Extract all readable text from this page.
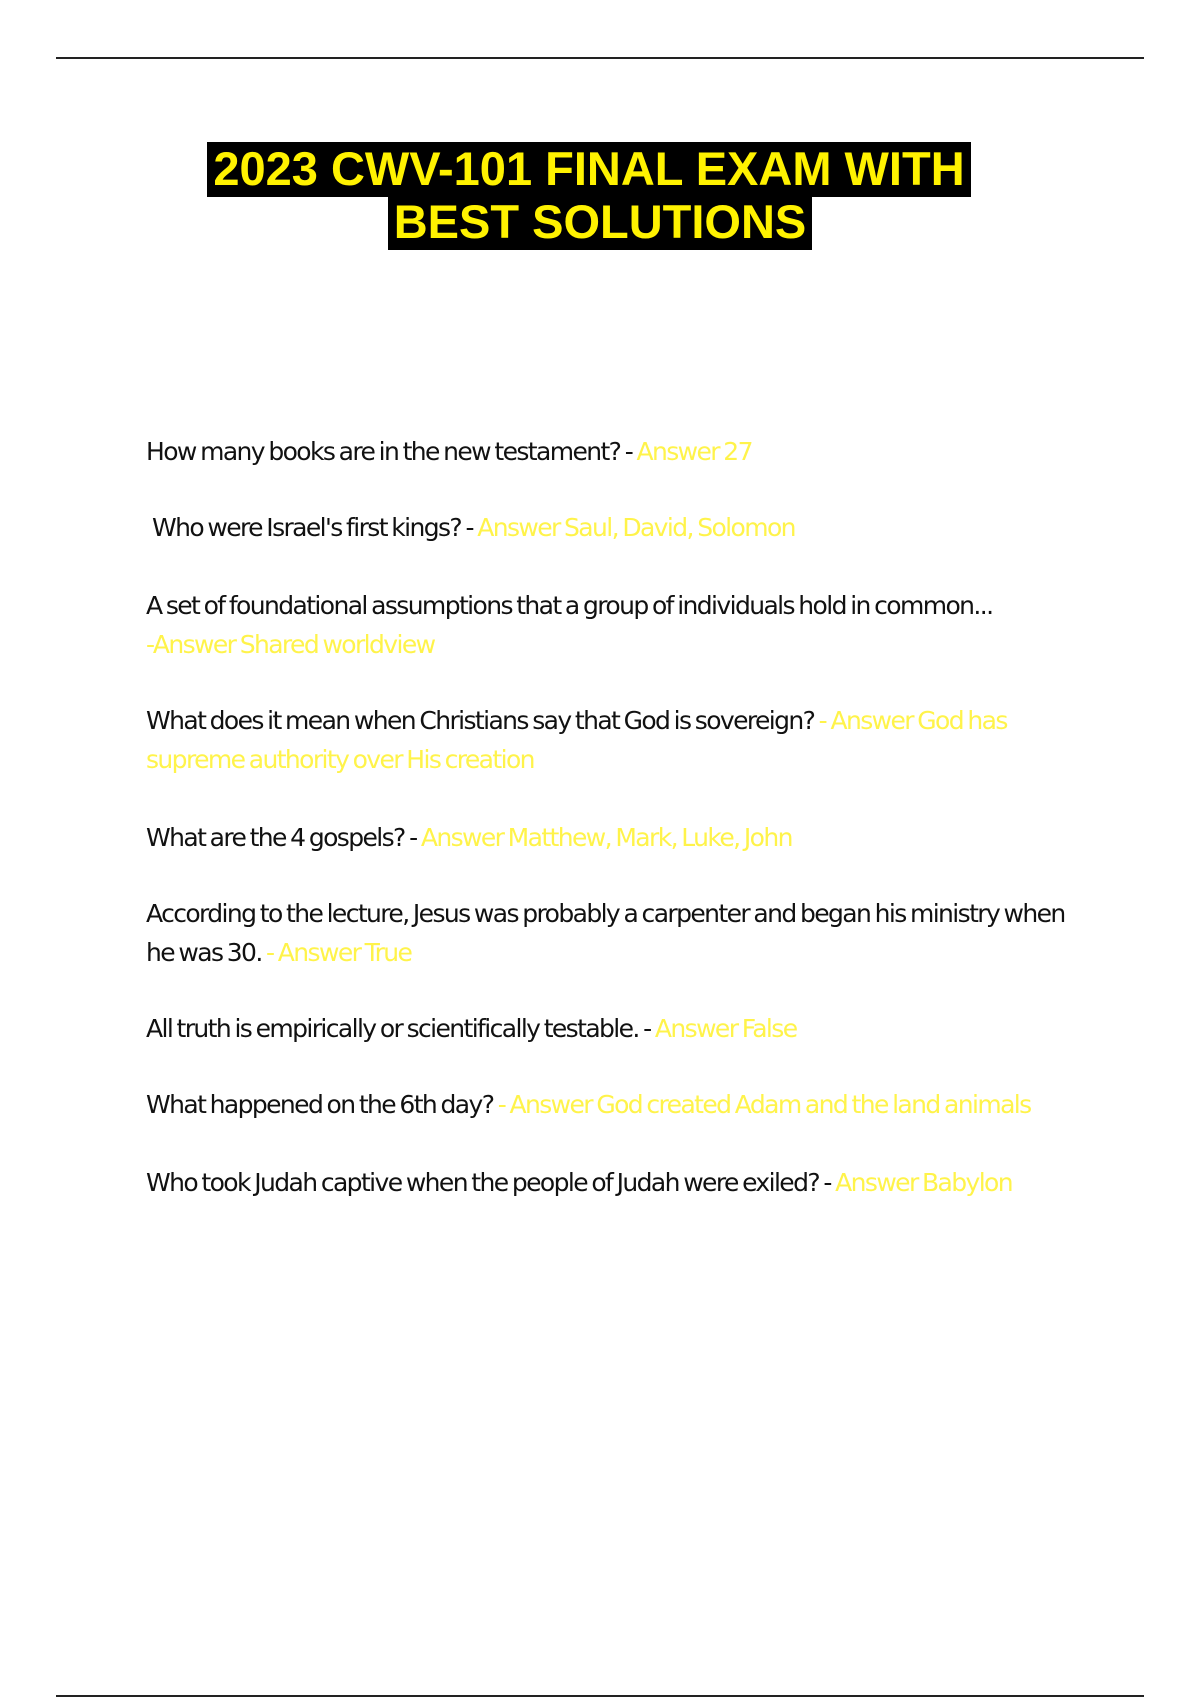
2023 CWV-101 FINAL EXAM WITH
BEST SOLUTIONS

How many books are in the new testament? - Answer 27

Who were Israel's first kings? - Answer Saul, David, Solomon

A set of foundational assumptions that a group of individuals hold in common...
-Answer Shared worldview

What does it mean when Christians say that God is sovereign? - Answer God has supreme authority over His creation

What are the 4 gospels? - Answer Matthew, Mark, Luke, John

According to the lecture, Jesus was probably a carpenter and began his ministry when he was 30. - Answer True

All truth is empirically or scientifically testable. - Answer False

What happened on the 6th day? - Answer God created Adam and the land animals

Who took Judah captive when the people of Judah were exiled? - Answer Babylon
